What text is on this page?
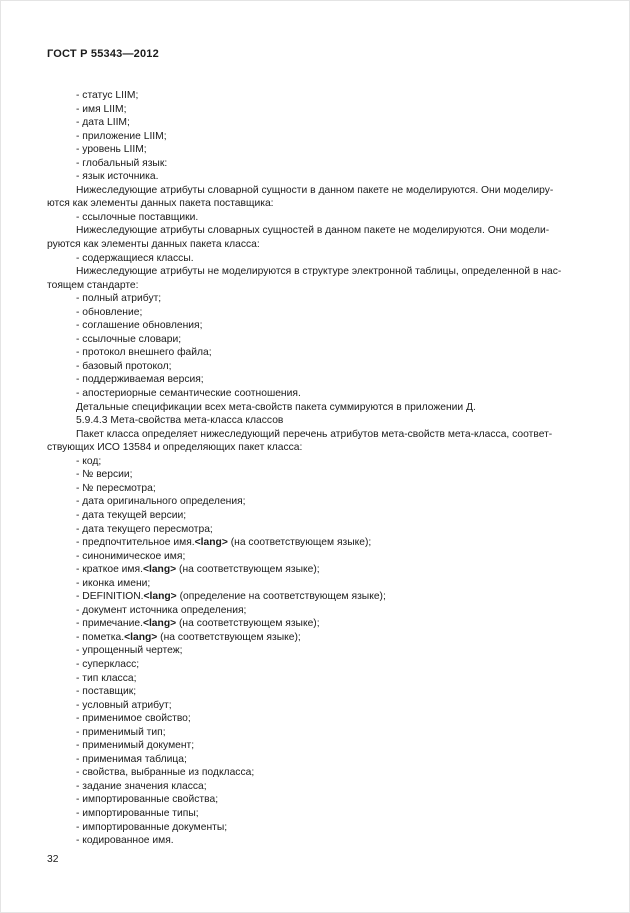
ГОСТ Р 55343—2012
- статус LIIM;
- имя LIIM;
- дата LIIM;
- приложение LIIM;
- уровень LIIM;
- глобальный язык:
- язык источника.
Нижеследующие атрибуты словарной сущности в данном пакете не моделируются. Они моделиру-
ются как элементы данных пакета поставщика:
- ссылочные поставщики.
Нижеследующие атрибуты словарных сущностей в данном пакете не моделируются. Они модели-
руются как элементы данных пакета класса:
- содержащиеся классы.
Нижеследующие атрибуты не моделируются в структуре электронной таблицы, определенной в нас-
тоящем стандарте:
- полный атрибут;
- обновление;
- соглашение обновления;
- ссылочные словари;
- протокол внешнего файла;
- базовый протокол;
- поддерживаемая версия;
- апостериорные семантические соотношения.
Детальные спецификации всех мета-свойств пакета суммируются в приложении Д.
5.9.4.3 Мета-свойства мета-класса классов
Пакет класса определяет нижеследующий перечень атрибутов мета-свойств мета-класса, соответ-
ствующих ИСО 13584 и определяющих пакет класса:
- код;
- № версии;
- № пересмотра;
- дата оригинального определения;
- дата текущей версии;
- дата текущего пересмотра;
- предпочтительное имя.<lang> (на соответствующем языке);
- синонимическое имя;
- краткое имя.<lang> (на соответствующем языке);
- иконка имени;
- DEFINITION.<lang> (определение на соответствующем языке);
- документ источника определения;
- примечание.<lang> (на соответствующем языке);
- пометка.<lang> (на соответствующем языке);
- упрощенный чертеж;
- суперкласс;
- тип класса;
- поставщик;
- условный атрибут;
- применимое свойство;
- применимый тип;
- применимый документ;
- применимая таблица;
- свойства, выбранные из подкласса;
- задание значения класса;
- импортированные свойства;
- импортированные типы;
- импортированные документы;
- кодированное имя.
32
